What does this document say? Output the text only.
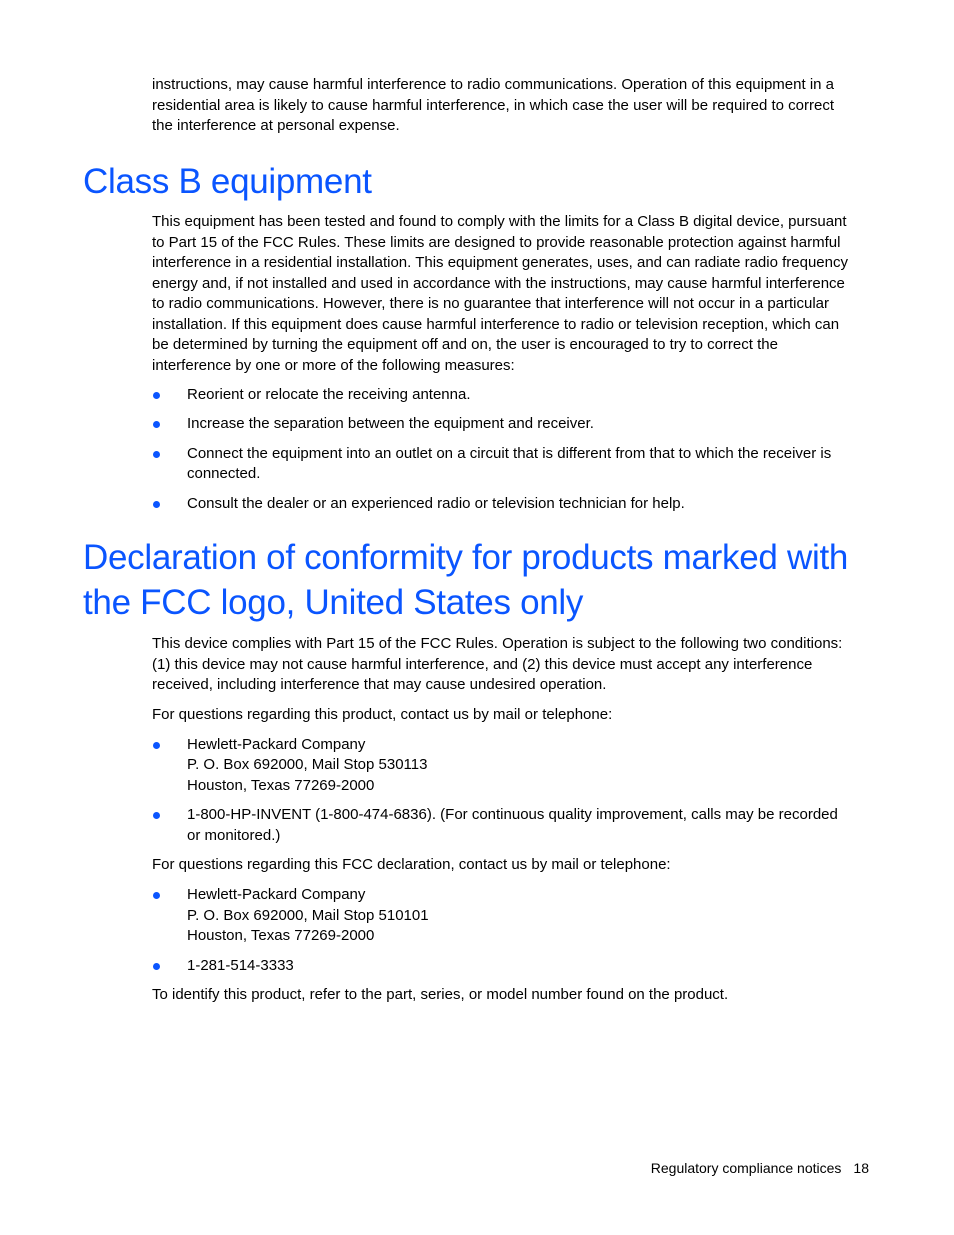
instructions, may cause harmful interference to radio communications. Operation of this equipment in a
residential area is likely to cause harmful interference, in which case the user will be required to correct
the interference at personal expense.

Class B equipment

This equipment has been tested and found to comply with the limits for a Class B digital device, pursuant
to Part 15 of the FCC Rules. These limits are designed to provide reasonable protection against harmful
interference in a residential installation. This equipment generates, uses, and can radiate radio frequency
energy and, if not installed and used in accordance with the instructions, may cause harmful interference
to radio communications. However, there is no guarantee that interference will not occur in a particular
installation. If this equipment does cause harmful interference to radio or television reception, which can
be determined by turning the equipment off and on, the user is encouraged to try to correct the
interference by one or more of the following measures:

Reorient or relocate the receiving antenna.
Increase the separation between the equipment and receiver.
Connect the equipment into an outlet on a circuit that is different from that to which the receiver is
connected.
Consult the dealer or an experienced radio or television technician for help.
Declaration of conformity for products marked with
the FCC logo, United States only

This device complies with Part 15 of the FCC Rules. Operation is subject to the following two conditions:
(1) this device may not cause harmful interference, and (2) this device must accept any interference
received, including interference that may cause undesired operation.

For questions regarding this product, contact us by mail or telephone:

Hewlett-Packard Company
P. O. Box 692000, Mail Stop 530113
Houston, Texas 77269-2000
1-800-HP-INVENT (1-800-474-6836). (For continuous quality improvement, calls may be recorded
or monitored.)

For questions regarding this FCC declaration, contact us by mail or telephone:

Hewlett-Packard Company
P. O. Box 692000, Mail Stop 510101
Houston, Texas 77269-2000
1-281-514-3333

To identify this product, refer to the part, series, or model number found on the product.

Regulatory compliance notices 18
